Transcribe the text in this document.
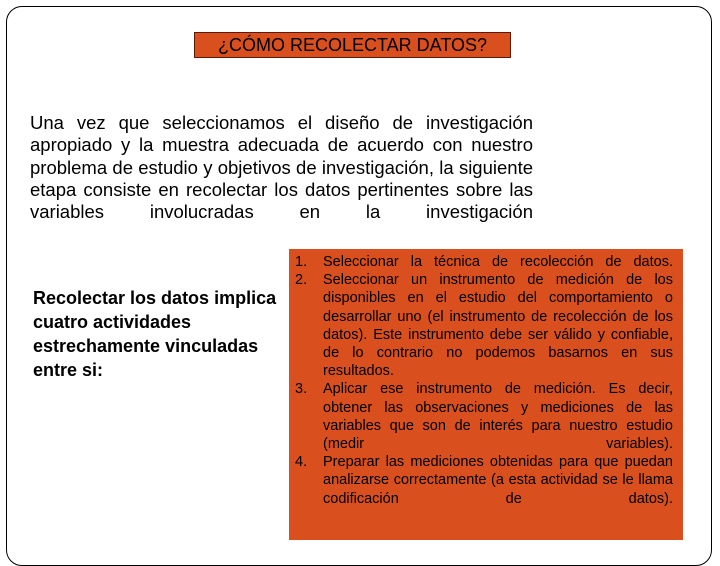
¿CÓMO RECOLECTAR DATOS?
Una vez que seleccionamos el diseño de investigación apropiado y la muestra adecuada de acuerdo con nuestro problema de estudio y objetivos de investigación, la siguiente etapa consiste en recolectar los datos pertinentes sobre las variables involucradas en la investigación
Recolectar los datos implica cuatro actividades estrechamente vinculadas entre si:
1.	Seleccionar la técnica de recolección de datos.
2.	Seleccionar un instrumento de medición de los disponibles en el estudio del comportamiento o desarrollar uno (el instrumento de recolección de los datos). Este instrumento debe ser válido y confiable, de lo contrario no podemos basarnos en sus resultados.
3.	Aplicar ese instrumento de medición. Es decir, obtener las observaciones y mediciones de las variables que son de interés para nuestro estudio (medir variables).
4.	Preparar las mediciones obtenidas para que puedan analizarse correctamente (a esta actividad se le llama codificación de datos).
